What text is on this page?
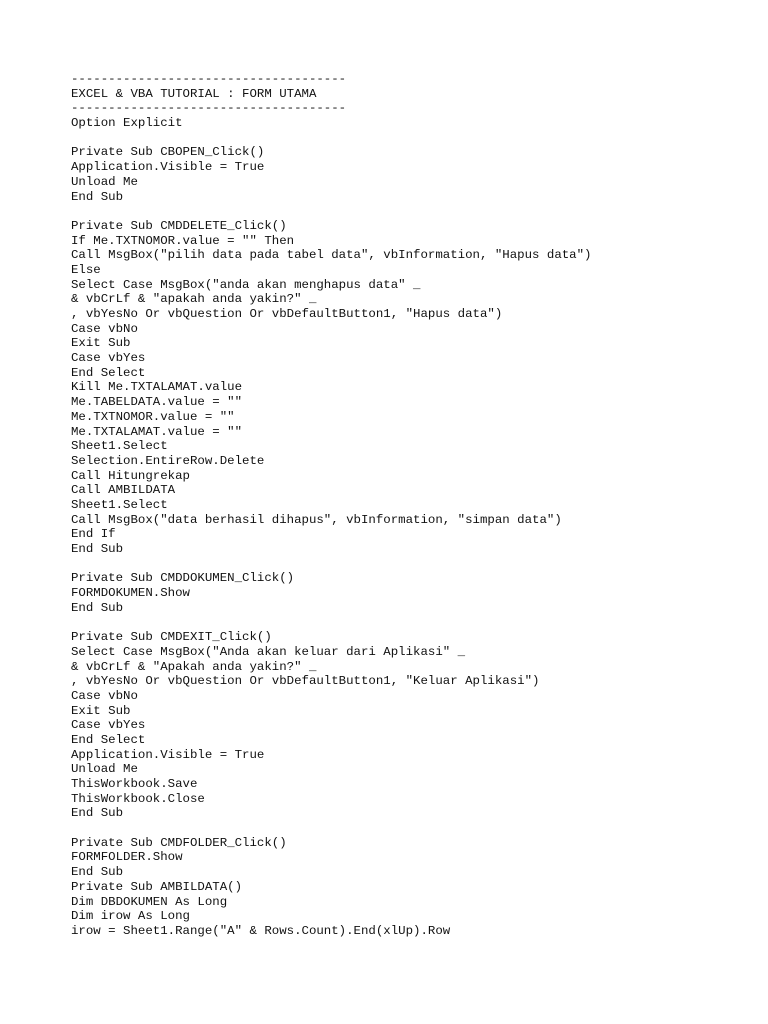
-------------------------------------
EXCEL & VBA TUTORIAL : FORM UTAMA
-------------------------------------
Option Explicit
Private Sub CBOPEN_Click()
Application.Visible = True
Unload Me
End Sub
Private Sub CMDDELETE_Click()
If Me.TXTNOMOR.value = "" Then
Call MsgBox("pilih data pada tabel data", vbInformation, "Hapus data")
Else
Select Case MsgBox("anda akan menghapus data" _
& vbCrLf & "apakah anda yakin?" _
, vbYesNo Or vbQuestion Or vbDefaultButton1, "Hapus data")
Case vbNo
Exit Sub
Case vbYes
End Select
Kill Me.TXTALAMAT.value
Me.TABELDATA.value = ""
Me.TXTNOMOR.value = ""
Me.TXTALAMAT.value = ""
Sheet1.Select
Selection.EntireRow.Delete
Call Hitungrekap
Call AMBILDATA
Sheet1.Select
Call MsgBox("data berhasil dihapus", vbInformation, "simpan data")
End If
End Sub
Private Sub CMDDOKUMEN_Click()
FORMDOKUMEN.Show
End Sub
Private Sub CMDEXIT_Click()
Select Case MsgBox("Anda akan keluar dari Aplikasi" _
& vbCrLf & "Apakah anda yakin?" _
, vbYesNo Or vbQuestion Or vbDefaultButton1, "Keluar Aplikasi")
Case vbNo
Exit Sub
Case vbYes
End Select
Application.Visible = True
Unload Me
ThisWorkbook.Save
ThisWorkbook.Close
End Sub
Private Sub CMDFOLDER_Click()
FORMFOLDER.Show
End Sub
Private Sub AMBILDATA()
Dim DBDOKUMEN As Long
Dim irow As Long
irow = Sheet1.Range("A" & Rows.Count).End(xlUp).Row
